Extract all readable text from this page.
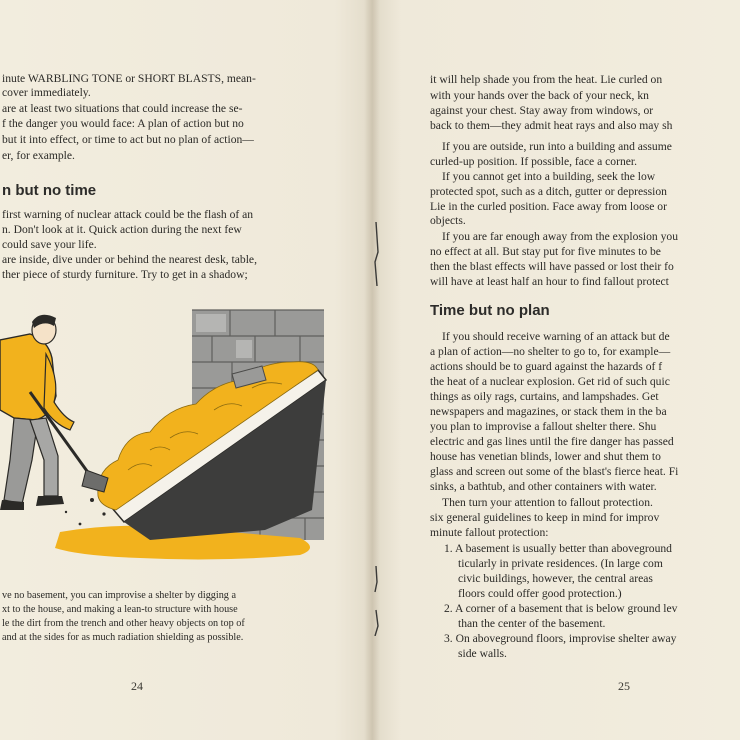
inute WARBLING TONE or SHORT BLASTS, mean-
cover immediately.
are at least two situations that could increase the se-
f the danger you would face: A plan of action but no
but it into effect, or time to act but no plan of action—
er, for example.
n but no time
first warning of nuclear attack could be the flash of an
n. Don't look at it. Quick action during the next few
could save your life.
are inside, dive under or behind the nearest desk, table,
ther piece of sturdy furniture. Try to get in a shadow;
ve no basement, you can improvise a shelter by digging a
xt to the house, and making a lean-to structure with house
le the dirt from the trench and other heavy objects on top of
and at the sides for as much radiation shielding as possible.
24
it will help shade you from the heat. Lie curled on
with your hands over the back of your neck, kn
against your chest. Stay away from windows, or
back to them—they admit heat rays and also may sh
If you are outside, run into a building and assume
curled-up position. If possible, face a corner.
If you cannot get into a building, seek the low
protected spot, such as a ditch, gutter or depression
Lie in the curled position. Face away from loose or
objects.
If you are far enough away from the explosion you
no effect at all. But stay put for five minutes to be
then the blast effects will have passed or lost their fo
will have at least half an hour to find fallout protect
Time but no plan
If you should receive warning of an attack but de
a plan of action—no shelter to go to, for example—
actions should be to guard against the hazards of f
the heat of a nuclear explosion. Get rid of such quic
things as oily rags, curtains, and lampshades. Get
newspapers and magazines, or stack them in the ba
you plan to improvise a fallout shelter there. Shu
electric and gas lines until the fire danger has passed
house has venetian blinds, lower and shut them to
glass and screen out some of the blast's fierce heat. Fi
sinks, a bathtub, and other containers with water.
Then turn your attention to fallout protection.
six general guidelines to keep in mind for improv
minute fallout protection:
1. A basement is usually better than aboveground
ticularly in private residences. (In large com
civic buildings, however, the central areas
floors could offer good protection.)
2. A corner of a basement that is below ground lev
than the center of the basement.
3. On aboveground floors, improvise shelter away
side walls.
25
